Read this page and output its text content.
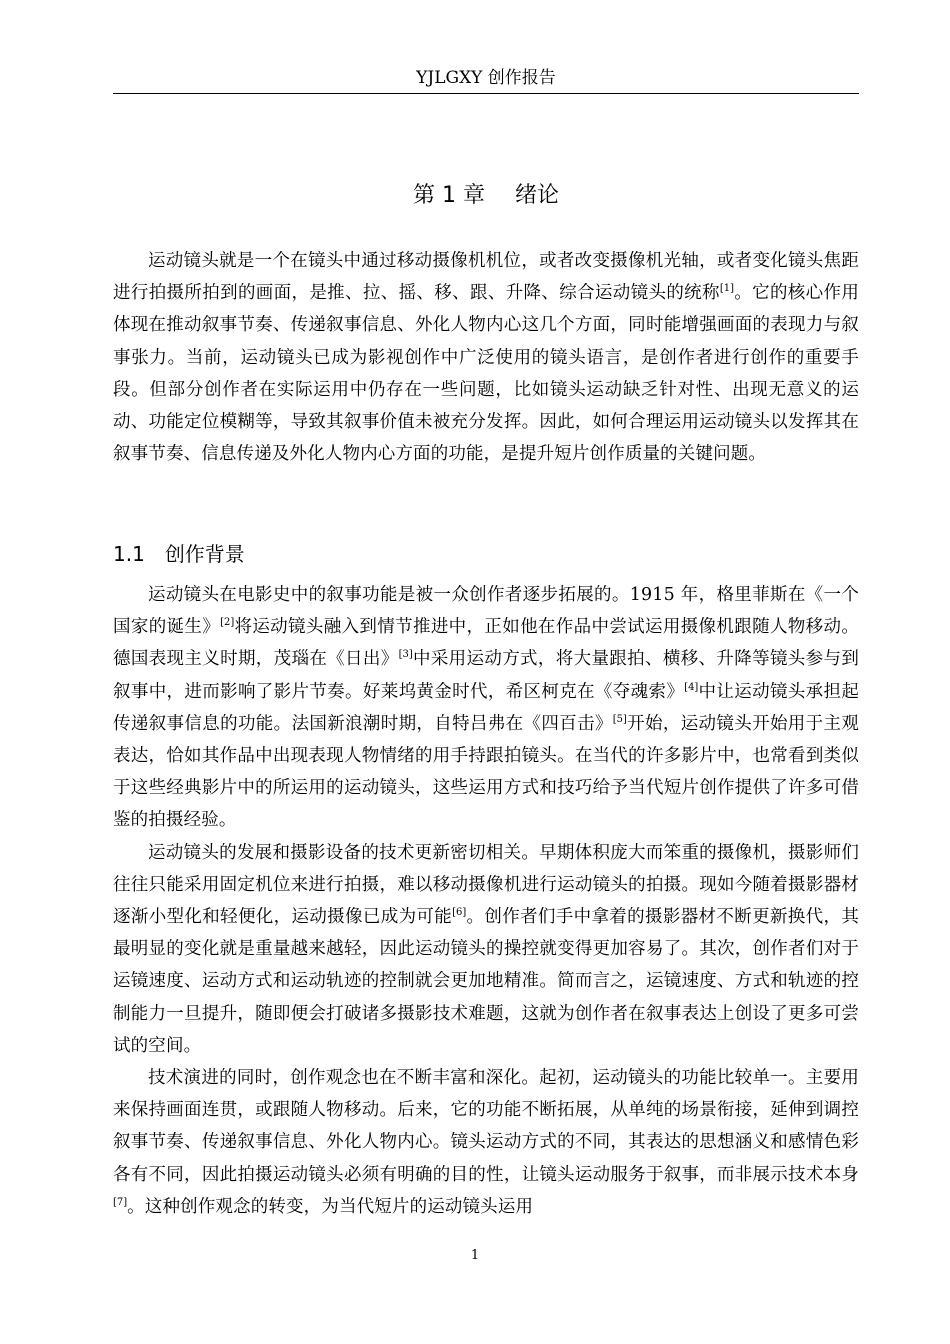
YJLGXY 创作报告
第 1 章 绪论

运动镜头就是一个在镜头中通过移动摄像机机位，或者改变摄像机光轴，或者变化镜头焦距进行拍摄所拍到的画面，是推、拉、摇、移、跟、升降、综合运动镜头的统称[1]。它的核心作用体现在推动叙事节奏、传递叙事信息、外化人物内心这几个方面，同时能增强画面的表现力与叙事张力。当前，运动镜头已成为影视创作中广泛使用的镜头语言，是创作者进行创作的重要手段。但部分创作者在实际运用中仍存在一些问题，比如镜头运动缺乏针对性、出现无意义的运动、功能定位模糊等，导致其叙事价值未被充分发挥。因此，如何合理运用运动镜头以发挥其在叙事节奏、信息传递及外化人物内心方面的功能，是提升短片创作质量的关键问题。

1.1 创作背景

运动镜头在电影史中的叙事功能是被一众创作者逐步拓展的。1915 年，格里菲斯在《一个国家的诞生》[2]将运动镜头融入到情节推进中，正如他在作品中尝试运用摄像机跟随人物移动。德国表现主义时期，茂瑙在《日出》[3]中采用运动方式，将大量跟拍、横移、升降等镜头参与到叙事中，进而影响了影片节奏。好莱坞黄金时代，希区柯克在《夺魂索》[4]中让运动镜头承担起传递叙事信息的功能。法国新浪潮时期，自特吕弗在《四百击》[5]开始，运动镜头开始用于主观表达，恰如其作品中出现表现人物情绪的用手持跟拍镜头。在当代的许多影片中，也常看到类似于这些经典影片中的所运用的运动镜头，这些运用方式和技巧给予当代短片创作提供了许多可借鉴的拍摄经验。

运动镜头的发展和摄影设备的技术更新密切相关。早期体积庞大而笨重的摄像机，摄影师们往往只能采用固定机位来进行拍摄，难以移动摄像机进行运动镜头的拍摄。现如今随着摄影器材逐渐小型化和轻便化，运动摄像已成为可能[6]。创作者们手中拿着的摄影器材不断更新换代，其最明显的变化就是重量越来越轻，因此运动镜头的操控就变得更加容易了。其次，创作者们对于运镜速度、运动方式和运动轨迹的控制就会更加地精准。简而言之，运镜速度、方式和轨迹的控制能力一旦提升，随即便会打破诸多摄影技术难题，这就为创作者在叙事表达上创设了更多可尝试的空间。

技术演进的同时，创作观念也在不断丰富和深化。起初，运动镜头的功能比较单一。主要用来保持画面连贯，或跟随人物移动。后来，它的功能不断拓展，从单纯的场景衔接，延伸到调控叙事节奏、传递叙事信息、外化人物内心。镜头运动方式的不同，其表达的思想涵义和感情色彩各有不同，因此拍摄运动镜头必须有明确的目的性，让镜头运动服务于叙事，而非展示技术本身[7]。这种创作观念的转变，为当代短片的运动镜头运用

1
